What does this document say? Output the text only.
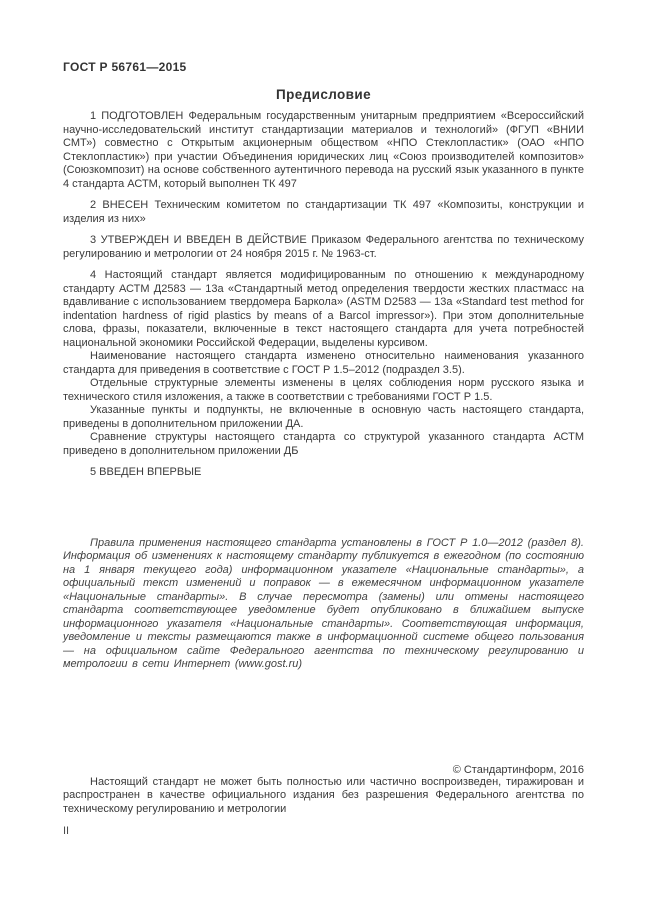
ГОСТ Р 56761—2015
Предисловие

1 ПОДГОТОВЛЕН Федеральным государственным унитарным предприятием «Всероссийский научно-исследовательский институт стандартизации материалов и технологий» (ФГУП «ВНИИ СМТ») совместно с Открытым акционерным обществом «НПО Стеклопластик» (ОАО «НПО Стеклопластик») при участии Объединения юридических лиц «Союз производителей композитов» (Союзкомпозит) на основе собственного аутентичного перевода на русский язык указанного в пункте 4 стандарта АСТМ, который выполнен ТК 497

2 ВНЕСЕН Техническим комитетом по стандартизации ТК 497 «Композиты, конструкции и изделия из них»

3 УТВЕРЖДЕН И ВВЕДЕН В ДЕЙСТВИЕ Приказом Федерального агентства по техническому регулированию и метрологии от 24 ноября 2015 г. № 1963-ст.

4 Настоящий стандарт является модифицированным по отношению к международному стандарту АСТМ Д2583 — 13а «Стандартный метод определения твердости жестких пластмасс на вдавливание с использованием твердомера Баркола» (ASTM D2583 — 13a «Standard test method for indentation hardness of rigid plastics by means of a Barcol impressor»). При этом дополнительные слова, фразы, показатели, включенные в текст настоящего стандарта для учета потребностей национальной экономики Российской Федерации, выделены курсивом.

Наименование настоящего стандарта изменено относительно наименования указанного стандарта для приведения в соответствие с ГОСТ Р 1.5–2012 (подраздел 3.5).

Отдельные структурные элементы изменены в целях соблюдения норм русского языка и технического стиля изложения, а также в соответствии с требованиями ГОСТ Р 1.5.

Указанные пункты и подпункты, не включенные в основную часть настоящего стандарта, приведены в дополнительном приложении ДА.

Сравнение структуры настоящего стандарта со структурой указанного стандарта АСТМ приведено в дополнительном приложении ДБ

5 ВВЕДЕН ВПЕРВЫЕ

Правила применения настоящего стандарта установлены в ГОСТ Р 1.0—2012 (раздел 8). Информация об изменениях к настоящему стандарту публикуется в ежегодном (по состоянию на 1 января текущего года) информационном указателе «Национальные стандарты», а официальный текст изменений и поправок — в ежемесячном информационном указателе «Национальные стандарты». В случае пересмотра (замены) или отмены настоящего стандарта соответствующее уведомление будет опубликовано в ближайшем выпуске информационного указателя «Национальные стандарты». Соответствующая информация, уведомление и тексты размещаются также в информационной системе общего пользования — на официальном сайте Федерального агентства по техническому регулированию и метрологии в сети Интернет (www.gost.ru)

© Стандартинформ, 2016

Настоящий стандарт не может быть полностью или частично воспроизведен, тиражирован и распространен в качестве официального издания без разрешения Федерального агентства по техническому регулированию и метрологии

II
